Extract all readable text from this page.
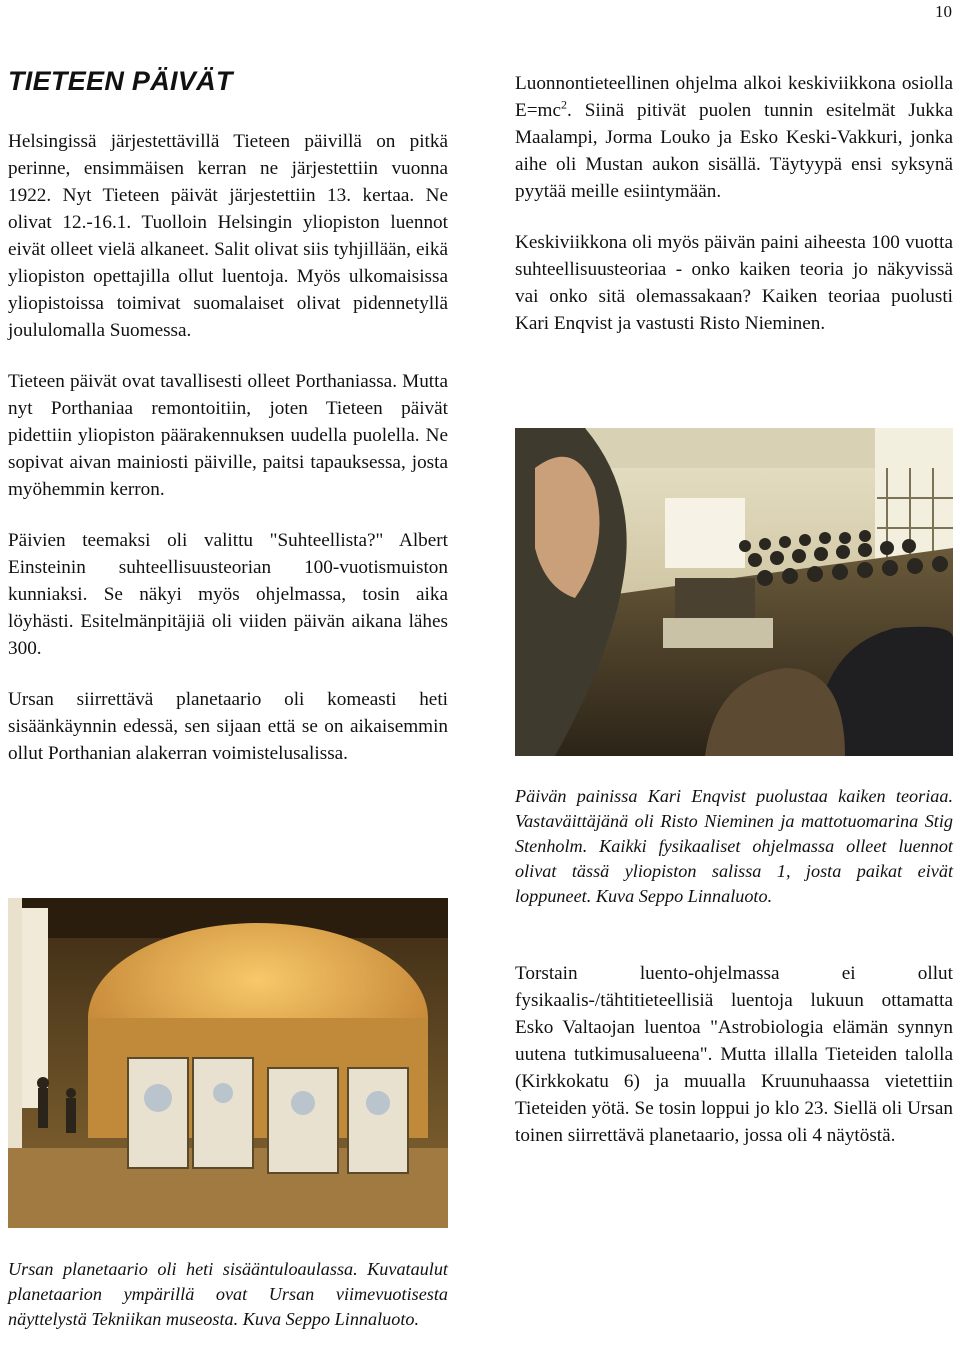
10
TIETEEN PÄIVÄT

Helsingissä järjestettävillä Tieteen päivillä on pitkä perinne, ensimmäisen kerran ne järjestettiin vuonna 1922. Nyt Tieteen päivät järjestettiin 13. kertaa. Ne olivat 12.-16.1. Tuolloin Helsingin yliopiston luennot eivät olleet vielä alkaneet. Salit olivat siis tyhjillään, eikä yliopiston opettajilla ollut luentoja. Myös ulkomaisissa yliopistoissa toimivat suomalaiset olivat pidennetyllä joululomalla Suomessa.

Tieteen päivät ovat tavallisesti olleet Porthaniassa. Mutta nyt Porthaniaa remontoitiin, joten Tieteen päivät pidettiin yliopiston päärakennuksen uudella puolella. Ne sopivat aivan mainiosti päiville, paitsi tapauksessa, josta myöhemmin kerron.

Päivien teemaksi oli valittu "Suhteellista?" Albert Einsteinin suhteellisuusteorian 100-vuotismuiston kunniaksi. Se näkyi myös ohjelmassa, tosin aika löyhästi. Esitelmänpitäjiä oli viiden päivän aikana lähes 300.

Ursan siirrettävä planetaario oli komeasti heti sisäänkäynnin edessä, sen sijaan että se on aikaisemmin ollut Porthanian alakerran voimistelusalissa.

Luonnontieteellinen ohjelma alkoi keskiviikkona osiolla $E=mc^2$. Siinä pitivät puolen tunnin esitelmät Jukka Maalampi, Jorma Louko ja Esko Keski-Vakkuri, jonka aihe oli Mustan aukon sisällä. Täytyypä ensi syksynä pyytää meille esiintymään.

Keskiviikkona oli myös päivän paini aiheesta 100 vuotta suhteellisuusteoriaa - onko kaiken teoria jo näkyvissä vai onko sitä olemassakaan? Kaiken teoriaa puolusti Kari Enqvist ja vastusti Risto Nieminen.

Päivän painissa Kari Enqvist puolustaa kaiken teoriaa. Vastaväittäjänä oli Risto Nieminen ja mattotuomarina Stig Stenholm. Kaikki fysikaaliset ohjelmassa olleet luennot olivat tässä yliopiston salissa 1, josta paikat eivät loppuneet. Kuva Seppo Linnaluoto.

Torstain luento-ohjelmassa ei ollut fysikaalis-/tähtitieteellisiä luentoja lukuun ottamatta Esko Valtaojan luentoa "Astrobiologia elämän synnyn uutena tutkimusalueena". Mutta illalla Tieteiden talolla (Kirkkokatu 6) ja muualla Kruunuhaassa vietettiin Tieteiden yötä. Se tosin loppui jo klo 23. Siellä oli Ursan toinen siirrettävä planetaario, jossa oli 4 näytöstä.

Ursan planetaario oli heti sisääntuloaulassa. Kuvataulut planetaarion ympärillä ovat Ursan viimevuotisesta näyttelystä Tekniikan museosta. Kuva Seppo Linnaluoto.
